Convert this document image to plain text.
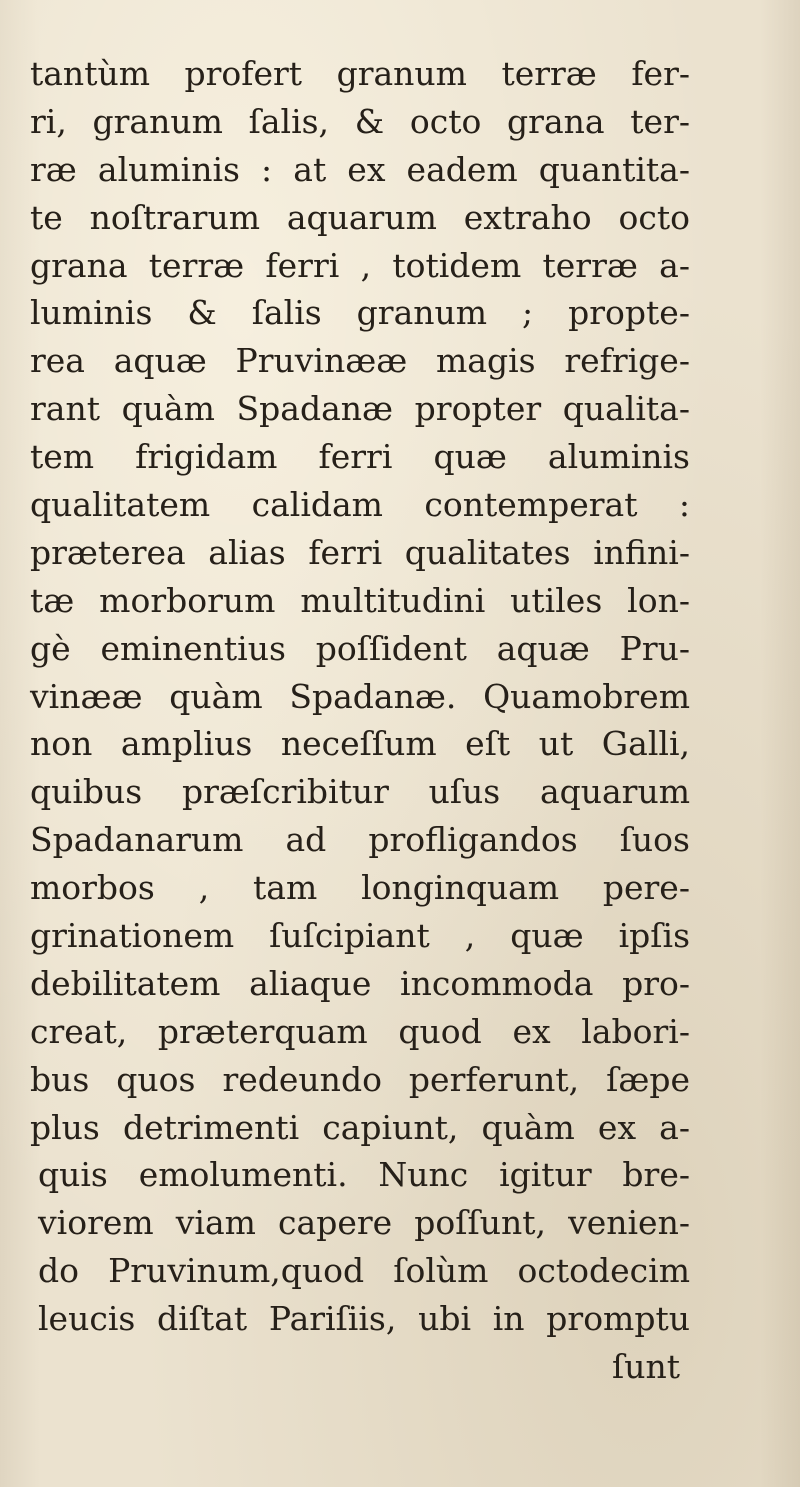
tantùm profert granum terræ fer-
ri, granum ſalis, & octo grana ter-
ræ aluminis : at ex eadem quantita-
te noſtrarum aquarum extraho octo
grana terræ ferri , totidem terræ a-
luminis & ſalis granum ; propte-
rea aquæ Pruvinææ magis refrige-
rant quàm Spadanæ propter qualita-
tem frigidam ferri quæ aluminis
qualitatem calidam contemperat :
præterea alias ferri qualitates infini-
tæ morborum multitudini utiles lon-
gè eminentius poſſident aquæ Pru-
vinææ quàm Spadanæ. Quamobrem
non amplius neceſſum eſt ut Galli,
quibus præſcribitur uſus aquarum
Spadanarum ad profligandos ſuos
morbos , tam longinquam pere-
grinationem ſuſcipiant , quæ ipſis
debilitatem aliaque incommoda pro-
creat, præterquam quod ex labori-
bus quos redeundo perferunt, ſæpe
plus detrimenti capiunt, quàm ex a-
quis emolumenti. Nunc igitur bre-
viorem viam capere poſſunt, venien-
do Pruvinum,quod ſolùm octodecim
leucis diſtat Pariſiis, ubi in promptu
ſunt
